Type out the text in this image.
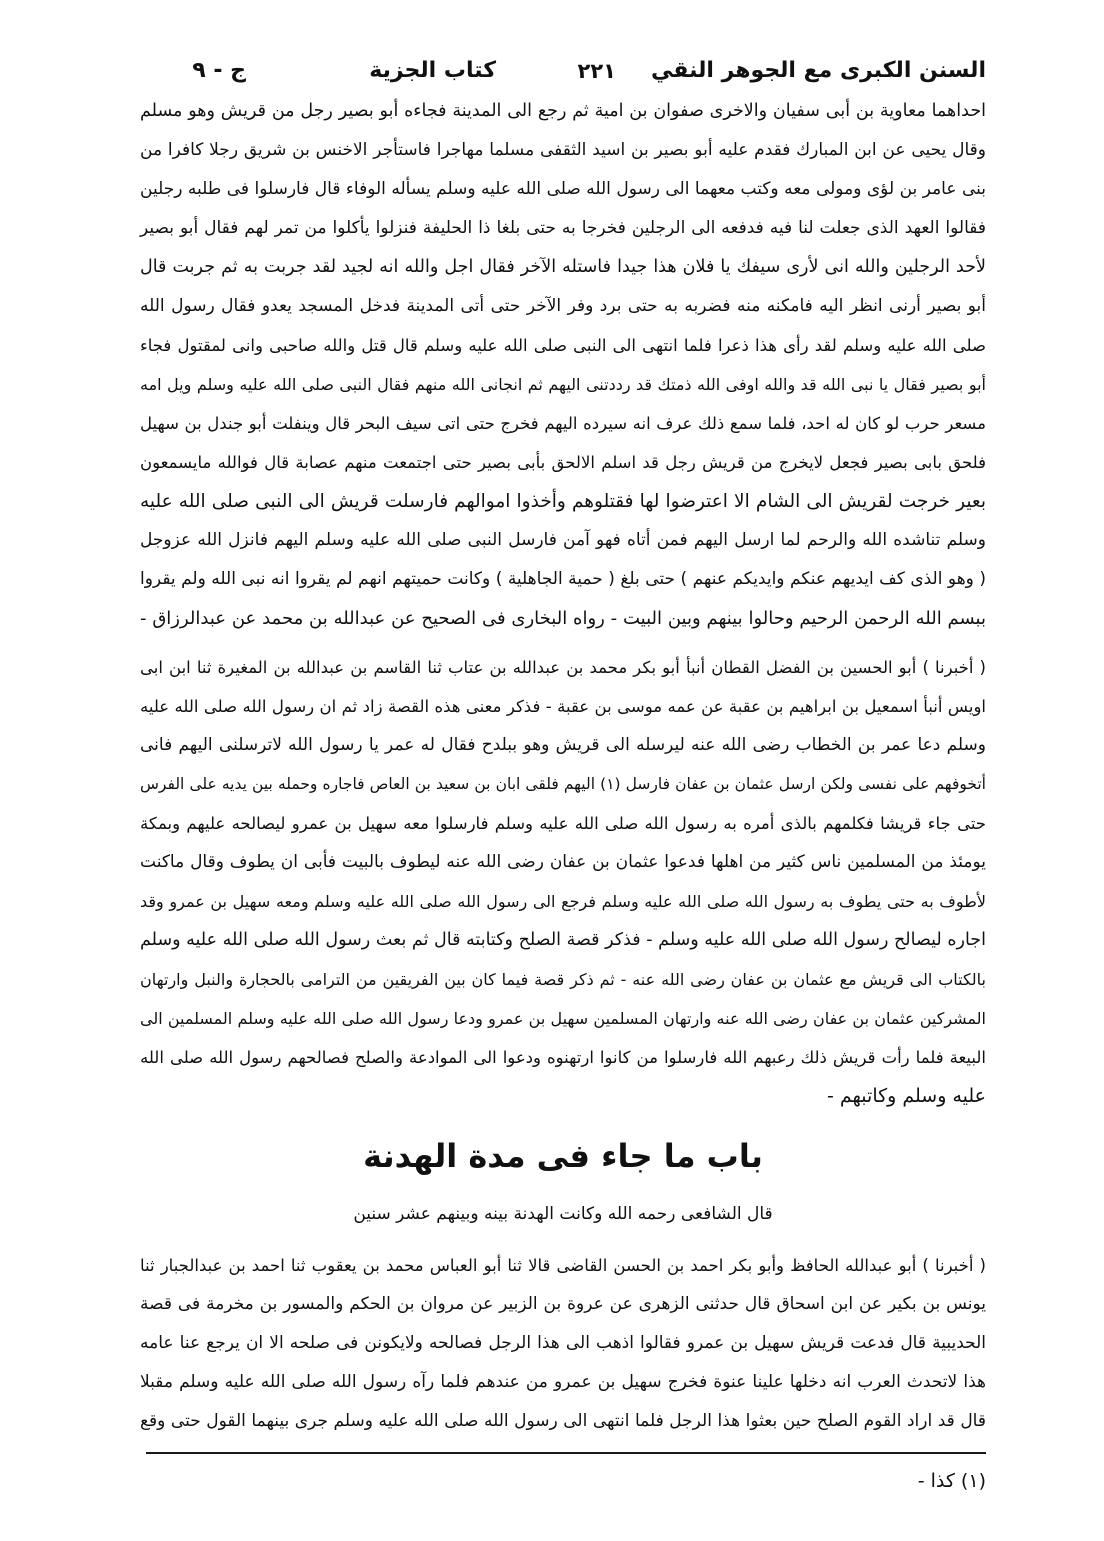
السنن الكبرى مع الجوهر النقي
٢٢١
كتاب الجزية
ج - ٩
احداهما معاوية بن أبى سفيان والاخرى صفوان بن امية ثم رجع الى المدينة فجاءه أبو بصير رجل من قريش وهو مسلم
وقال يحيى عن ابن المبارك فقدم عليه أبو بصير بن اسيد الثقفى مسلما مهاجرا فاستأجر الاخنس بن شريق رجلا كافرا من
بنى عامر بن لؤى ومولى معه وكتب معهما الى رسول الله صلى الله عليه وسلم يسأله الوفاء قال فارسلوا فى طلبه رجلين
فقالوا العهد الذى جعلت لنا فيه فدفعه الى الرجلين فخرجا به حتى بلغا ذا الحليفة فنزلوا يأكلوا من تمر لهم فقال أبو بصير
لأحد الرجلين والله انى لأرى سيفك يا فلان هذا جيدا فاستله الآخر فقال اجل والله انه لجيد لقد جربت به ثم جربت قال
أبو بصير أرنى انظر اليه فامكنه منه فضربه به حتى برد وفر الآخر حتى أتى المدينة فدخل المسجد يعدو فقال رسول الله
صلى الله عليه وسلم لقد رأى هذا ذعرا فلما انتهى الى النبى صلى الله عليه وسلم قال قتل والله صاحبى وانى لمقتول فجاء
أبو بصير فقال يا نبى الله قد والله اوفى الله ذمتك قد رددتنى اليهم ثم انجانى الله منهم فقال النبى صلى الله عليه وسلم ويل امه
مسعر حرب لو كان له احد، فلما سمع ذلك عرف انه سيرده اليهم فخرج حتى اتى سيف البحر قال وينفلت أبو جندل بن سهيل
فلحق بابى بصير فجعل لايخرج من قريش رجل قد اسلم الالحق بأبى بصير حتى اجتمعت منهم عصابة قال فوالله مايسمعون
بعير خرجت لقريش الى الشام الا اعترضوا لها فقتلوهم وأخذوا اموالهم فارسلت قريش الى النبى صلى الله عليه
وسلم تناشده الله والرحم لما ارسل اليهم فمن أتاه فهو آمن فارسل النبى صلى الله عليه وسلم اليهم فانزل الله عزوجل
( وهو الذى كف ايديهم عنكم وايديكم عنهم ) حتى بلغ ( حمية الجاهلية ) وكانت حميتهم انهم لم يقروا انه نبى الله ولم يقروا
ببسم الله الرحمن الرحيم وحالوا بينهم وبين البيت - رواه البخارى فى الصحيح عن عبدالله بن محمد عن عبدالرزاق -
( أخبرنا ) أبو الحسين بن الفضل القطان أنبأ أبو بكر محمد بن عبدالله بن عتاب ثنا القاسم بن عبدالله بن المغيرة ثنا ابن ابى
اويس أنبأ اسمعيل بن ابراهيم بن عقبة عن عمه موسى بن عقبة - فذكر معنى هذه القصة زاد ثم ان رسول الله صلى الله عليه
وسلم دعا عمر بن الخطاب رضى الله عنه ليرسله الى قريش وهو ببلدح فقال له عمر يا رسول الله لاترسلنى اليهم فانى
أتخوفهم على نفسى ولكن ارسل عثمان بن عفان فارسل (١) اليهم فلقى ابان بن سعيد بن العاص فاجاره وحمله بين يديه على الفرس
حتى جاء قريشا فكلمهم بالذى أمره به رسول الله صلى الله عليه وسلم فارسلوا معه سهيل بن عمرو ليصالحه عليهم وبمكة
يومئذ من المسلمين ناس كثير من اهلها فدعوا عثمان بن عفان رضى الله عنه ليطوف بالبيت فأبى ان يطوف وقال ماكنت
لأطوف به حتى يطوف به رسول الله صلى الله عليه وسلم فرجع الى رسول الله صلى الله عليه وسلم ومعه سهيل بن عمرو وقد
اجاره ليصالح رسول الله صلى الله عليه وسلم - فذكر قصة الصلح وكتابته قال ثم بعث رسول الله صلى الله عليه وسلم
بالكتاب الى قريش مع عثمان بن عفان رضى الله عنه - ثم ذكر قصة فيما كان بين الفريقين من الترامى بالحجارة والنبل وارتهان
المشركين عثمان بن عفان رضى الله عنه وارتهان المسلمين سهيل بن عمرو ودعا رسول الله صلى الله عليه وسلم المسلمين الى
البيعة فلما رأت قريش ذلك رعبهم الله فارسلوا من كانوا ارتهنوه ودعوا الى الموادعة والصلح فصالحهم رسول الله صلى الله
عليه وسلم وكاتبهم -
باب ما جاء فى مدة الهدنة
قال الشافعى رحمه الله وكانت الهدنة بينه وبينهم عشر سنين
( أخبرنا ) أبو عبدالله الحافظ وأبو بكر احمد بن الحسن القاضى قالا ثنا أبو العباس محمد بن يعقوب ثنا احمد بن عبدالجبار ثنا
يونس بن بكير عن ابن اسحاق قال حدثنى الزهرى عن عروة بن الزبير عن مروان بن الحكم والمسور بن مخرمة فى قصة
الحديبية قال فدعت قريش سهيل بن عمرو فقالوا اذهب الى هذا الرجل فصالحه ولايكونن فى صلحه الا ان يرجع عنا عامه
هذا لاتحدث العرب انه دخلها علينا عنوة فخرج سهيل بن عمرو من عندهم فلما رآه رسول الله صلى الله عليه وسلم مقبلا
قال قد اراد القوم الصلح حين بعثوا هذا الرجل فلما انتهى الى رسول الله صلى الله عليه وسلم جرى بينهما القول حتى وقع
(١) كذا -
